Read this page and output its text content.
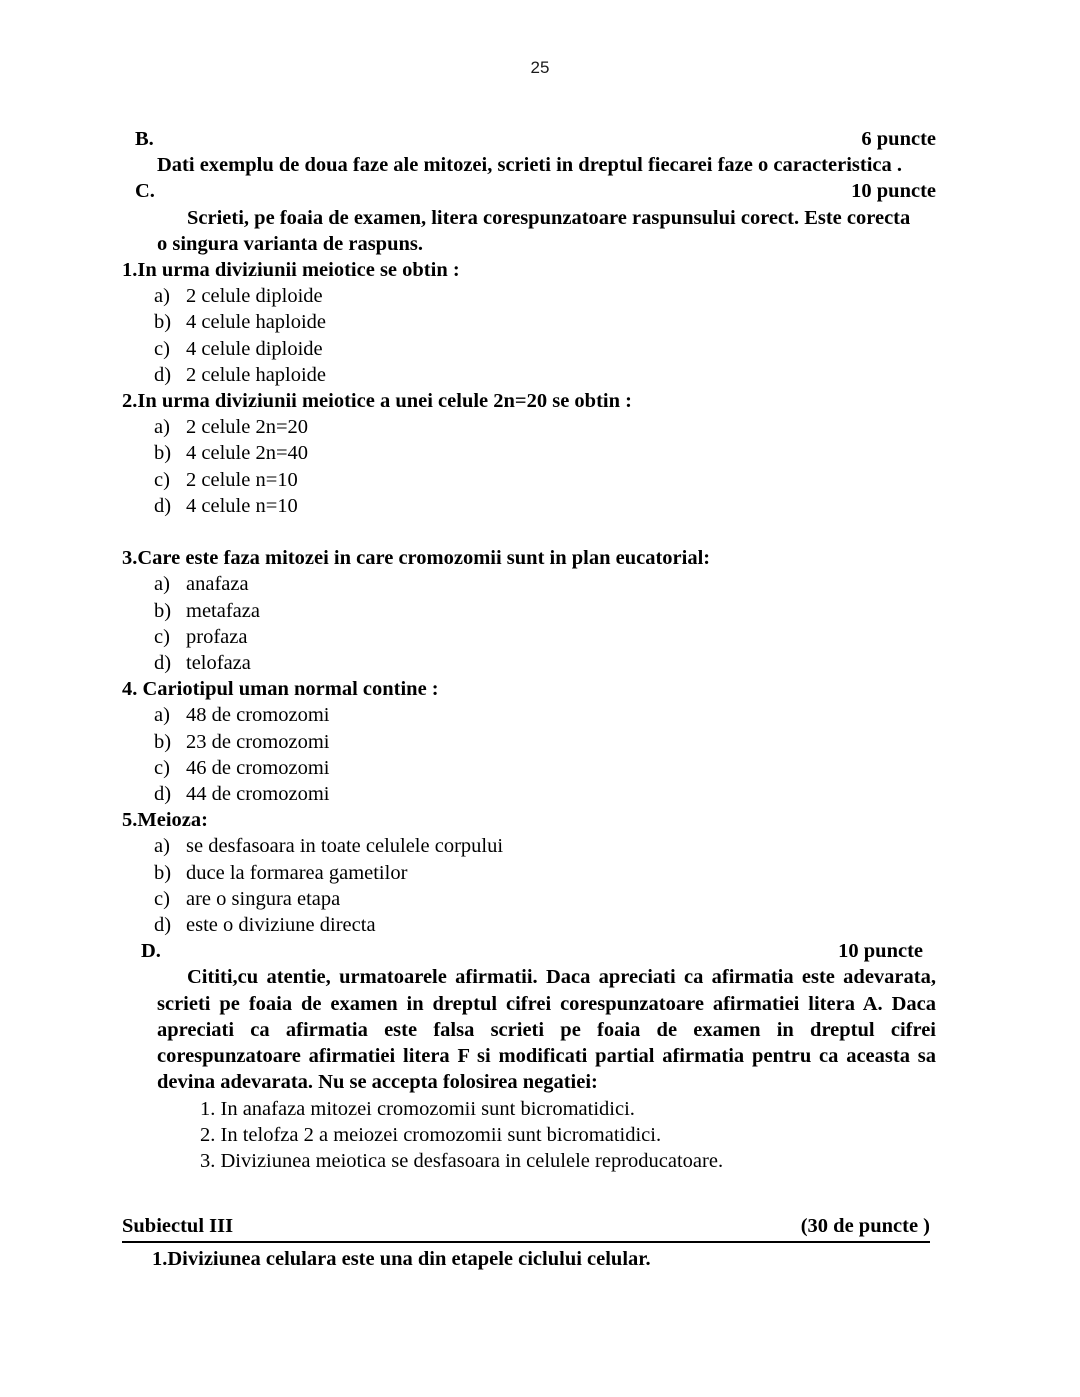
25
B.	6 puncte
Dati exemplu de doua faze ale mitozei, scrieti in dreptul fiecarei faze o caracteristica .
C.	10 puncte
Scrieti, pe foaia de examen, litera corespunzatoare raspunsului corect. Este corecta
o singura varianta de raspuns.
1.In urma diviziunii meiotice se obtin :
a) 2 celule diploide
b) 4 celule haploide
c) 4 celule diploide
d) 2 celule haploide
2.In urma diviziunii meiotice a unei celule 2n=20 se obtin :
a) 2 celule 2n=20
b) 4 celule 2n=40
c) 2 celule n=10
d) 4 celule n=10
3.Care este faza mitozei in care cromozomii sunt in plan eucatorial:
a) anafaza
b) metafaza
c) profaza
d) telofaza
4. Cariotipul uman normal contine :
a) 48 de cromozomi
b) 23 de cromozomi
c) 46 de cromozomi
d) 44 de cromozomi
5.Meioza:
a) se desfasoara in toate celulele corpului
b) duce la formarea gametilor
c) are o singura etapa
d) este o diviziune directa
D.	10 puncte
Cititi,cu atentie, urmatoarele afirmatii. Daca apreciati ca afirmatia este adevarata, scrieti pe foaia de examen in dreptul cifrei corespunzatoare afirmatiei litera A. Daca apreciati ca afirmatia este falsa scrieti pe foaia de examen in dreptul cifrei corespunzatoare afirmatiei litera F si modificati partial afirmatia pentru ca aceasta sa devina adevarata. Nu se accepta folosirea negatiei:
1. In anafaza mitozei cromozomii sunt bicromatidici.
2. In telofza 2 a meiozei cromozomii sunt bicromatidici.
3. Diviziunea meiotica se desfasoara in celulele reproducatoare.
Subiectul III	(30 de puncte )
1.Diviziunea celulara este una din etapele ciclului celular.
